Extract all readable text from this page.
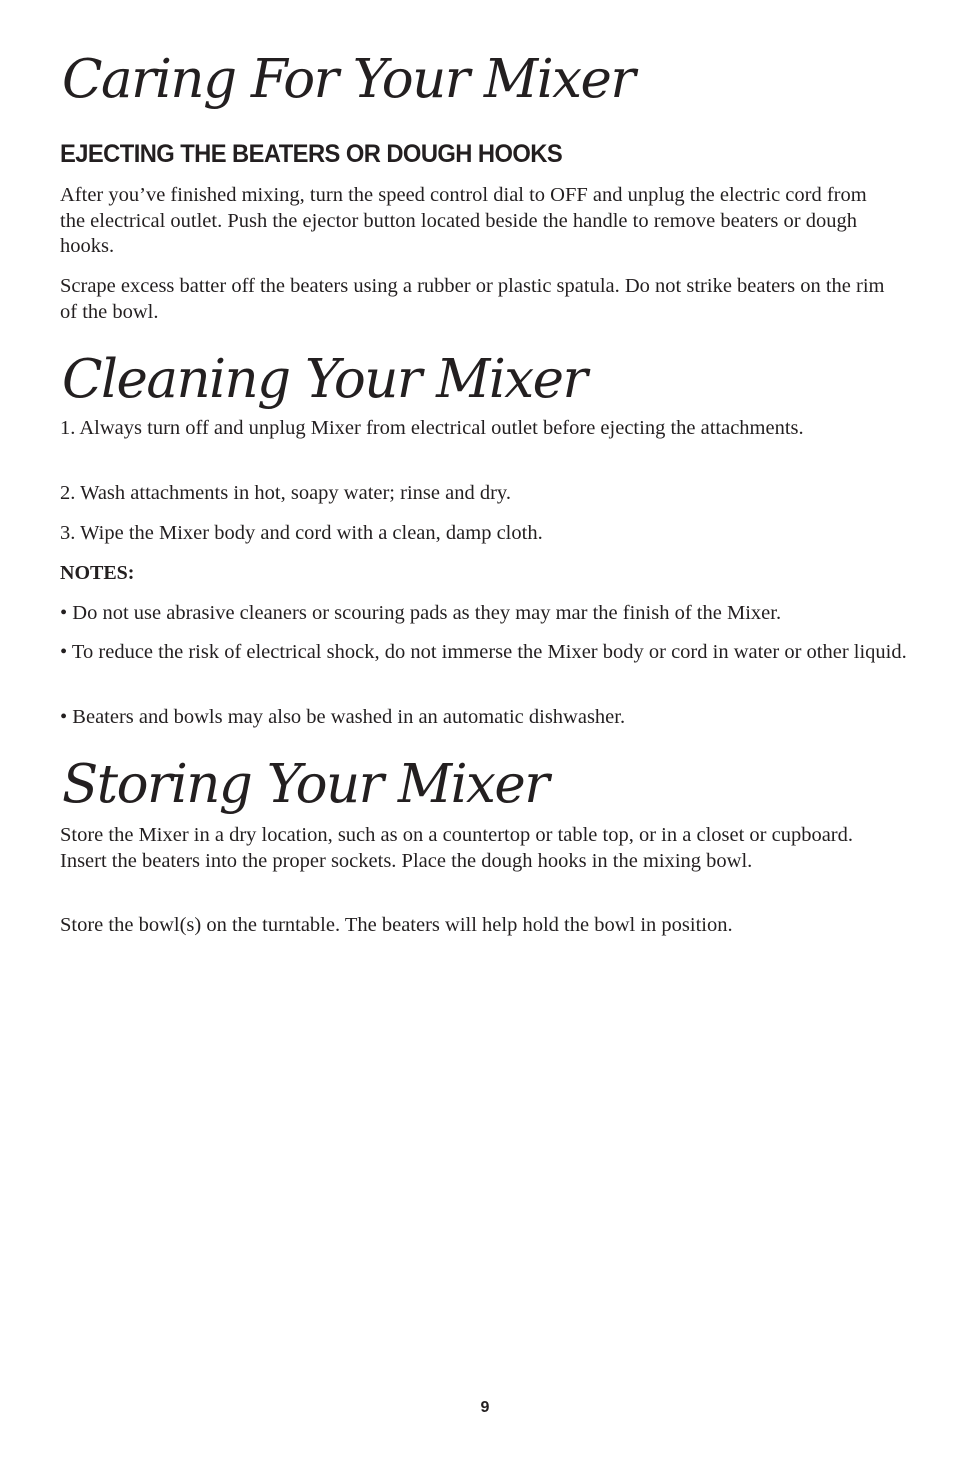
Caring For Your Mixer
EJECTING THE BEATERS OR DOUGH HOOKS

After you’ve finished mixing, turn the speed control dial to OFF and unplug the electric cord from the electrical outlet. Push the ejector button located beside the handle to remove beaters or dough hooks.

Scrape excess batter off the beaters using a rubber or plastic spatula. Do not strike beaters on the rim of the bowl.

Cleaning Your Mixer

1. Always turn off and unplug Mixer from electrical outlet before ejecting the attachments.

2. Wash attachments in hot, soapy water; rinse and dry.

3. Wipe the Mixer body and cord with a clean, damp cloth.

NOTES:

• Do not use abrasive cleaners or scouring pads as they may mar the finish of the Mixer.

• To reduce the risk of electrical shock, do not immerse the Mixer body or cord in water or other liquid.

• Beaters and bowls may also be washed in an automatic dishwasher.

Storing Your Mixer

Store the Mixer in a dry location, such as on a countertop or table top, or in a closet or cupboard. Insert the beaters into the proper sockets. Place the dough hooks in the mixing bowl.

Store the bowl(s) on the turntable. The beaters will help hold the bowl in position.

9
